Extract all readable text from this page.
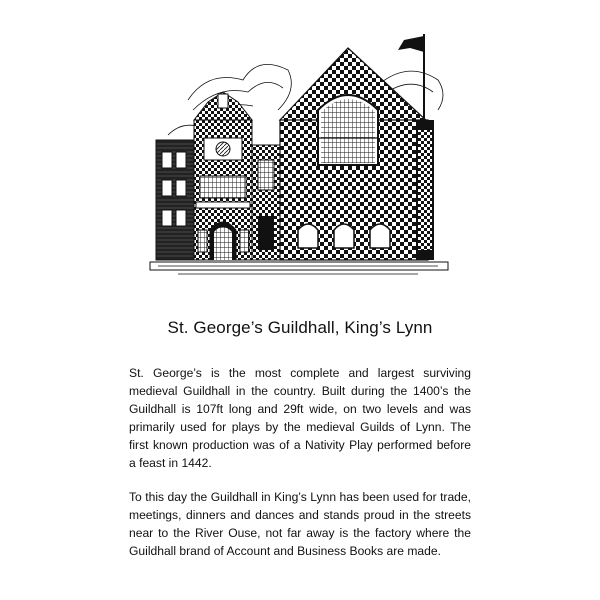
St. George’s Guildhall, King’s Lynn

St. George’s is the most complete and largest surviving medieval Guildhall in the country. Built during the 1400’s the Guildhall is 107ft long and 29ft wide, on two levels and was primarily used for plays by the medieval Guilds of Lynn. The first known production was of a Nativity Play performed before a feast in 1442.

To this day the Guildhall in King’s Lynn has been used for trade, meetings, dinners and dances and stands proud in the streets near to the River Ouse, not far away is the factory where the Guildhall brand of Account and Business Books are made.
